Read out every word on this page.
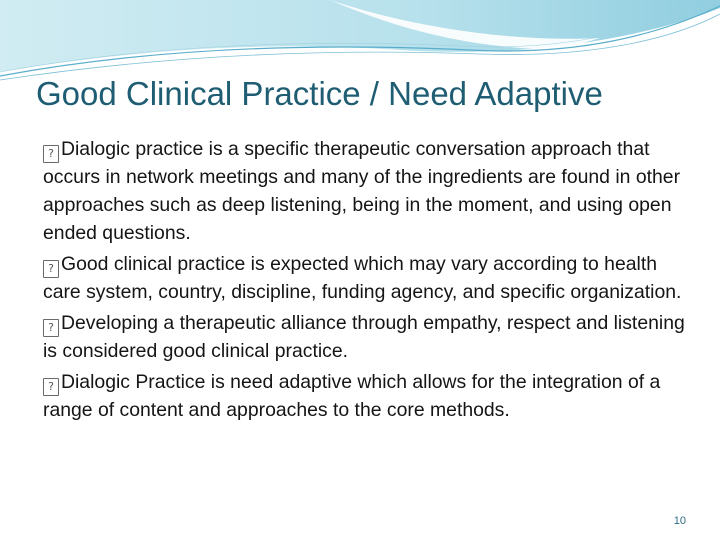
Good Clinical Practice / Need Adaptive

? Dialogic practice is a specific therapeutic conversation approach that occurs in network meetings and many of the ingredients are found in other approaches such as deep listening, being in the moment, and using open ended questions.

? Good clinical practice is expected which may vary according to health care system, country, discipline, funding agency, and specific organization.

? Developing a therapeutic alliance through empathy, respect and listening is considered good clinical practice.

? Dialogic Practice is need adaptive which allows for the integration of a range of content and approaches to the core methods.

10
